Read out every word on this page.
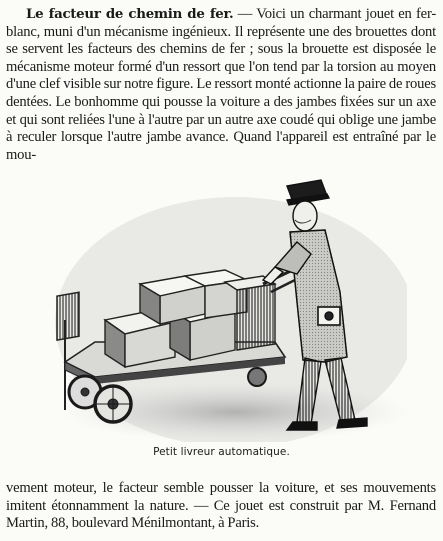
Le facteur de chemin de fer. — Voici un charmant jouet en fer-blanc, muni d'un mécanisme ingénieux. Il représente une des brouettes dont se servent les facteurs des chemins de fer ; sous la brouette est disposée le mécanisme moteur formé d'un ressort que l'on tend par la torsion au moyen d'une clef visible sur notre figure. Le ressort monté actionne la paire de roues dentées. Le bonhomme qui pousse la voiture a des jambes fixées sur un axe et qui sont reliées l'une à l'autre par un autre axe coudé qui oblige une jambe à reculer lorsque l'autre jambe avance. Quand l'appareil est entraîné par le mou-
Petit livreur automatique.
vement moteur, le facteur semble pousser la voiture, et ses mouvements imitent étonnamment la nature. — Ce jouet est construit par M. Fernand Martin, 88, boulevard Ménilmontant, à Paris.
